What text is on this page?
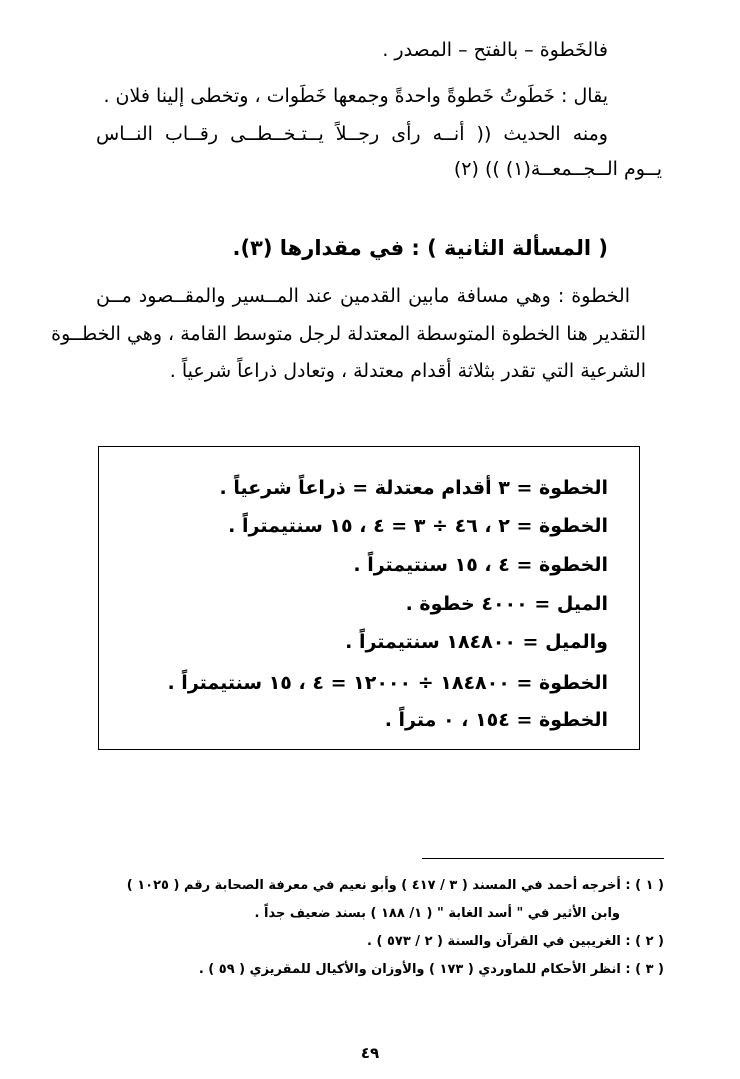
فالخَطوة – بالفتح – المصدر .
يقال : خَطَوتُ خَطوةً واحدةً وجمعها خَطَوات ، وتخطى إلينا فلان .
ومنه الحديث (( أنــه رأى رجــلاً يــتـخــطــى رقــاب النــاس
يــوم الــجــمعــة(١) )) (٢)
( المسألة الثانية ) : في مقدارها (٣).
الخطوة : وهي مسافة مابين القدمين عند المــسير والمقــصود مــن
التقدير هنا الخطوة المتوسطة المعتدلة لرجل متوسط القامة ، وهي الخطــوة
الشرعية التي تقدر بثلاثة أقدام معتدلة ، وتعادل ذراعاً شرعياً .
الخطوة = ٣ أقدام معتدلة = ذراعاً شرعياً .
الخطوة = ٢ ، ٤٦ ÷ ٣ = ٤ ، ١٥ سنتيمتراً .
الخطوة = ٤ ، ١٥ سنتيمتراً .
الميل = ٤٠٠٠ خطوة .
والميل = ١٨٤٨٠٠ سنتيمتراً .
الخطوة = ١٨٤٨٠٠ ÷ ١٢٠٠٠ = ٤ ، ١٥ سنتيمتراً .
الخطوة = ١٥٤ ، ٠ متراً .
( ١ ) : أخرجه أحمد في المسند ( ٣ / ٤١٧ ) وأبو نعيم في معرفة الصحابة رقم ( ١٠٢٥ )
وابن الأثير في " أسد الغابة " ( ١/ ١٨٨ ) بسند ضعيف جداً .
( ٢ ) : الغريبين في القرآن والسنة ( ٢ / ٥٧٣ ) .
( ٣ ) : انظر الأحكام للماوردي ( ١٧٣ ) والأوزان والأكيال للمقريزي ( ٥٩ ) .
٤٩
